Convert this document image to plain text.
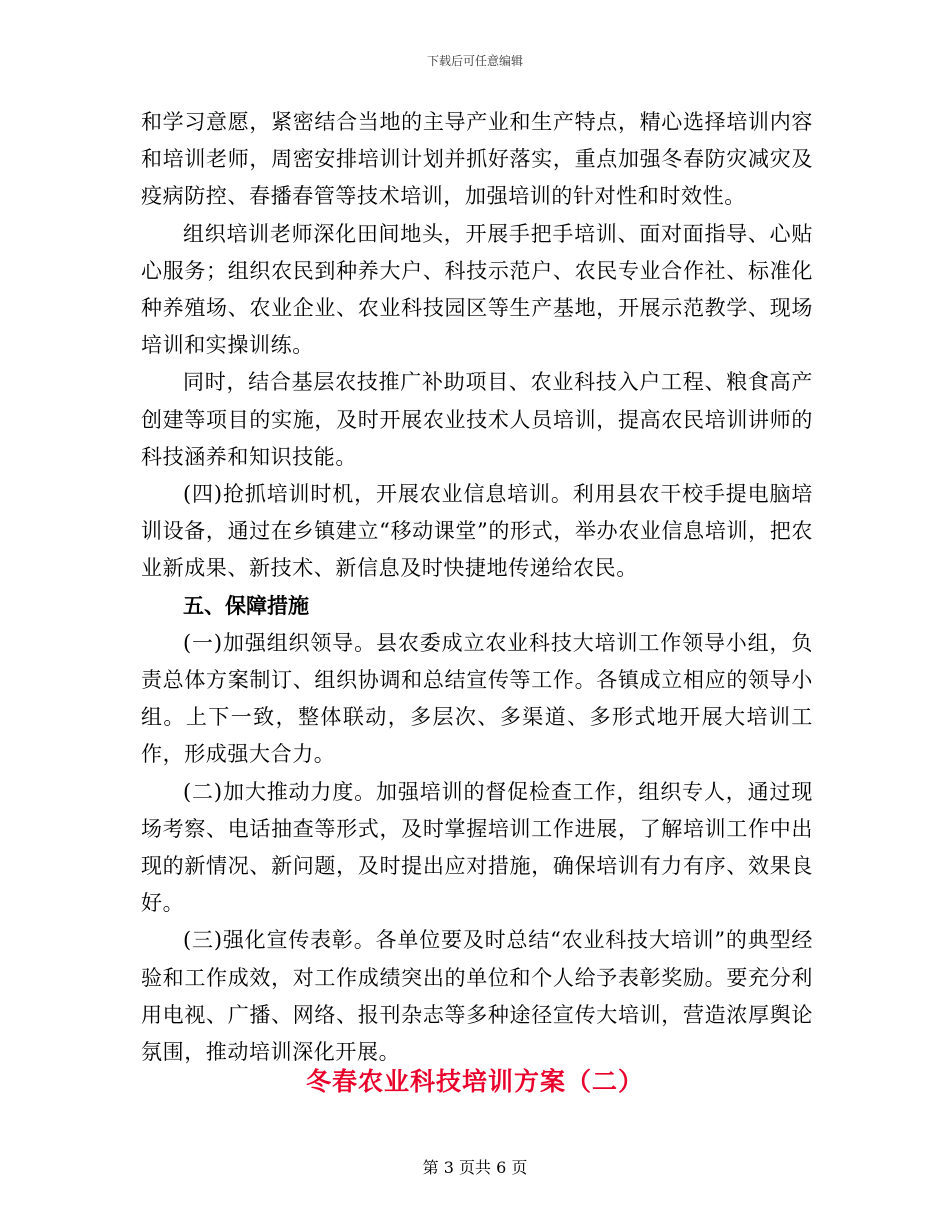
下载后可任意编辑

和学习意愿，紧密结合当地的主导产业和生产特点，精心选择培训内容和培训老师，周密安排培训计划并抓好落实，重点加强冬春防灾减灾及疫病防控、春播春管等技术培训，加强培训的针对性和时效性。

组织培训老师深化田间地头，开展手把手培训、面对面指导、心贴心服务；组织农民到种养大户、科技示范户、农民专业合作社、标准化种养殖场、农业企业、农业科技园区等生产基地，开展示范教学、现场培训和实操训练。

同时，结合基层农技推广补助项目、农业科技入户工程、粮食高产创建等项目的实施，及时开展农业技术人员培训，提高农民培训讲师的科技涵养和知识技能。

(四)抢抓培训时机，开展农业信息培训。利用县农干校手提电脑培训设备，通过在乡镇建立“移动课堂”的形式，举办农业信息培训，把农业新成果、新技术、新信息及时快捷地传递给农民。

五、保障措施

(一)加强组织领导。县农委成立农业科技大培训工作领导小组，负责总体方案制订、组织协调和总结宣传等工作。各镇成立相应的领导小组。上下一致，整体联动，多层次、多渠道、多形式地开展大培训工作，形成强大合力。

(二)加大推动力度。加强培训的督促检查工作，组织专人，通过现场考察、电话抽查等形式，及时掌握培训工作进展，了解培训工作中出现的新情况、新问题，及时提出应对措施，确保培训有力有序、效果良好。

(三)强化宣传表彰。各单位要及时总结“农业科技大培训”的典型经验和工作成效，对工作成绩突出的单位和个人给予表彰奖励。要充分利用电视、广播、网络、报刊杂志等多种途径宣传大培训，营造浓厚舆论氛围，推动培训深化开展。

冬春农业科技培训方案（二）
第 3 页共 6 页
